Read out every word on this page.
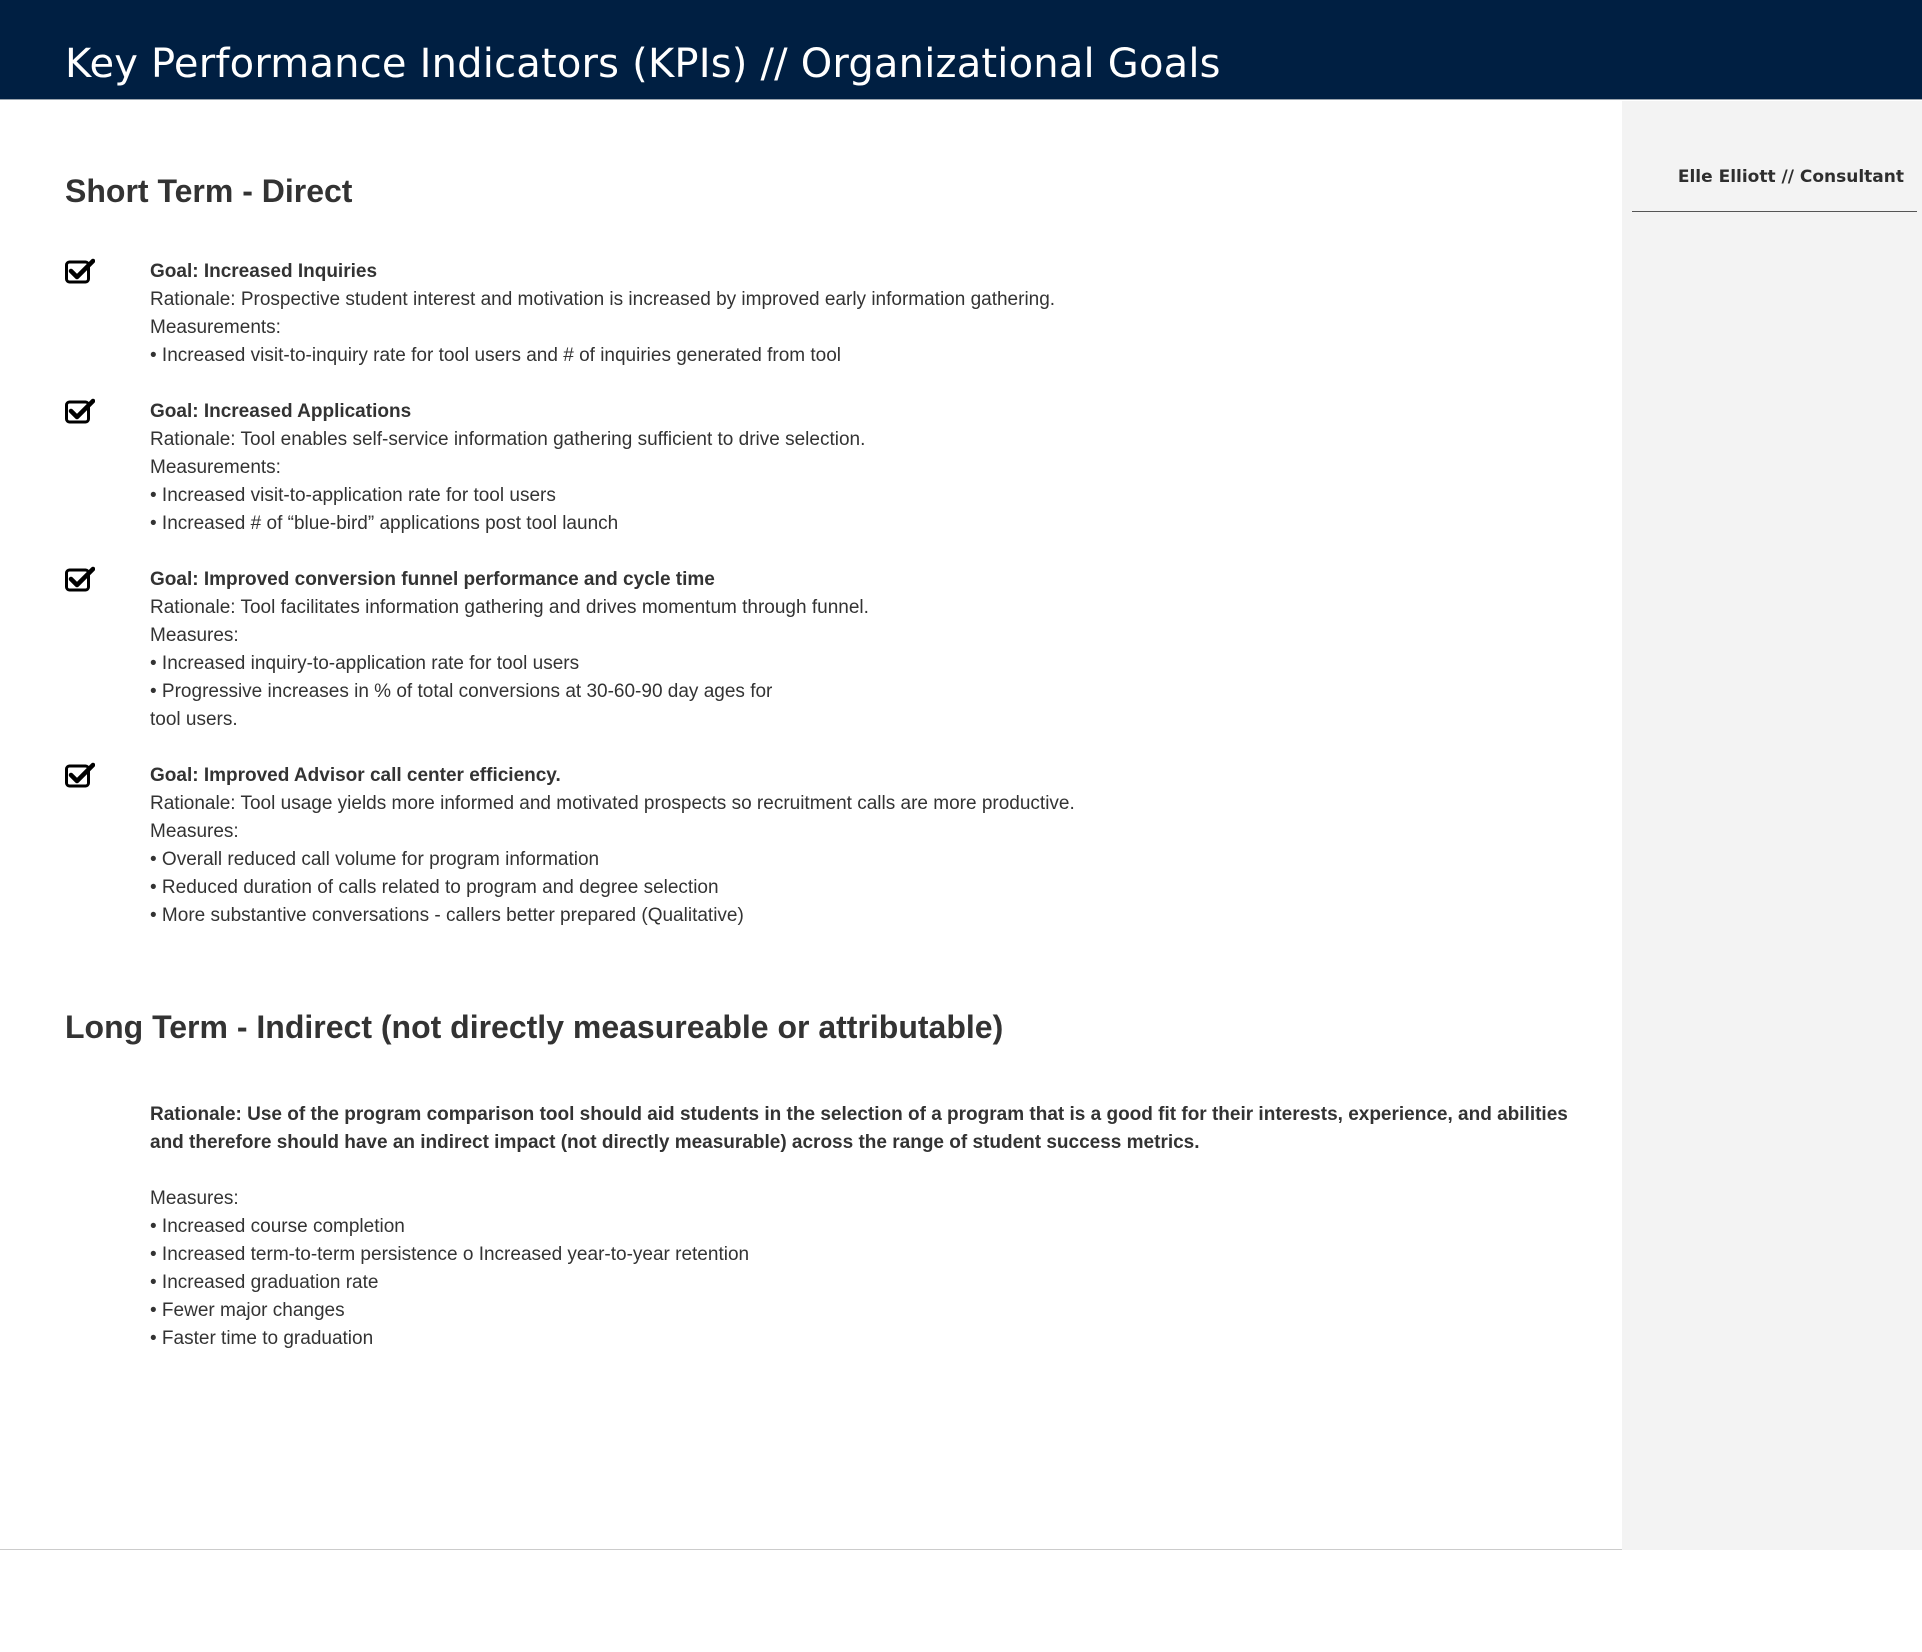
Key Performance Indicators (KPIs) // Organizational Goals
Elle Elliott // Consultant
Short Term - Direct
Goal: Increased Inquiries
Rationale: Prospective student interest and motivation is increased by improved early information gathering.
Measurements:
• Increased visit-to-inquiry rate for tool users and # of inquiries generated from tool
Goal: Increased Applications
Rationale: Tool enables self-service information gathering sufficient to drive selection.
Measurements:
• Increased visit-to-application rate for tool users
• Increased # of “blue-bird” applications post tool launch
Goal: Improved conversion funnel performance and cycle time
Rationale: Tool facilitates information gathering and drives momentum through funnel.
Measures:
• Increased inquiry-to-application rate for tool users
• Progressive increases in % of total conversions at 30-60-90 day ages for
tool users.
Goal: Improved Advisor call center efficiency.
Rationale: Tool usage yields more informed and motivated prospects so recruitment calls are more productive.
Measures:
• Overall reduced call volume for program information
• Reduced duration of calls related to program and degree selection
• More substantive conversations - callers better prepared (Qualitative)
Long Term - Indirect (not directly measureable or attributable)
Rationale: Use of the program comparison tool should aid students in the selection of a program that is a good fit for their interests, experience, and abilities and therefore should have an indirect impact (not directly measurable) across the range of student success metrics.
Measures:
• Increased course completion
• Increased term-to-term persistence o Increased year-to-year retention
• Increased graduation rate
• Fewer major changes
• Faster time to graduation
